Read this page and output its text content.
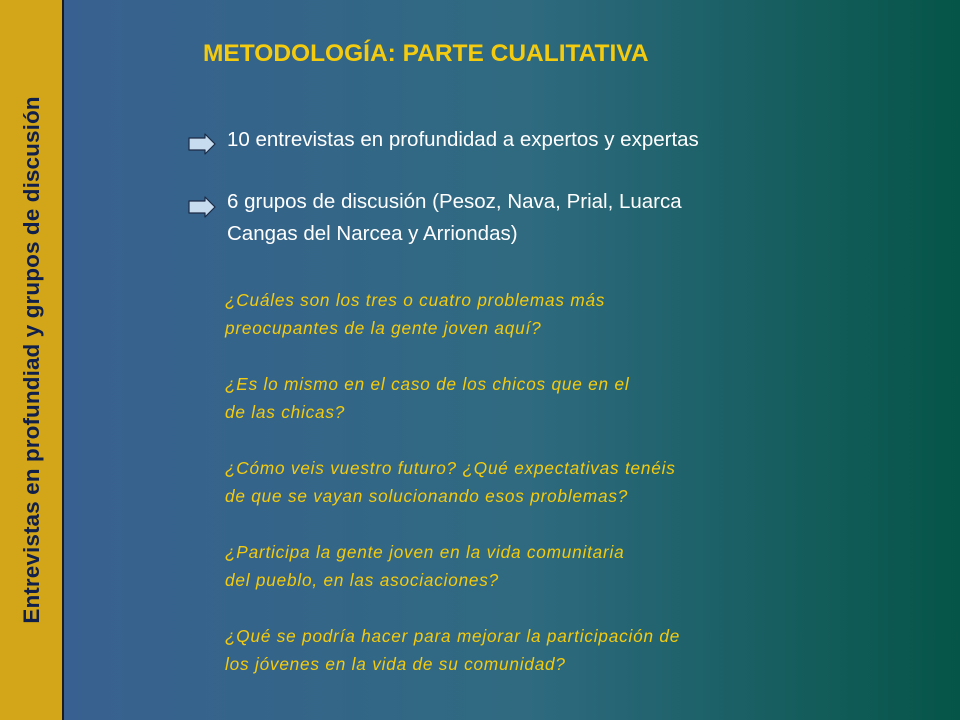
Entrevistas en profundiad y grupos de discusión
METODOLOGÍA: PARTE CUALITATIVA

10 entrevistas en profundidad a expertos y expertas

6 grupos de discusión (Pesoz, Nava, Prial, Luarca
Cangas del Narcea y Arriondas)

¿Cuáles son los tres o cuatro problemas más
preocupantes de la gente joven aquí?
¿Es lo mismo en el caso de los chicos que en el
de las chicas?
¿Cómo veis vuestro futuro? ¿Qué expectativas tenéis
de que se vayan solucionando esos problemas?
¿Participa la gente joven en la vida comunitaria
del pueblo, en las asociaciones?
¿Qué se podría hacer para mejorar la participación de
los jóvenes en la vida de su comunidad?
